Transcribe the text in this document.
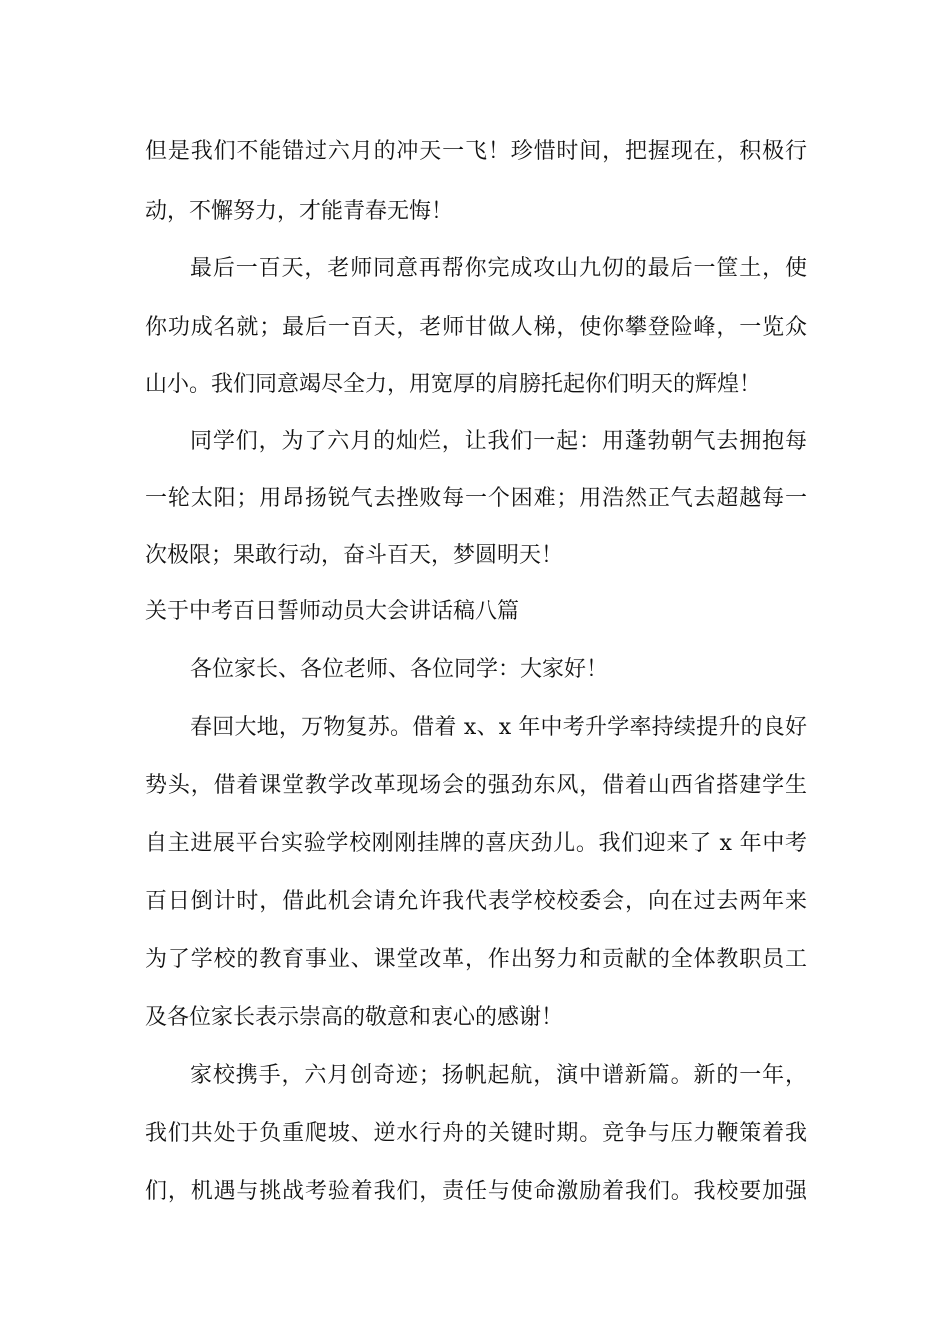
但是我们不能错过六月的冲天一飞！珍惜时间，把握现在，积极行
动，不懈努力，才能青春无悔！
最后一百天，老师同意再帮你完成攻山九仞的最后一筐土，使
你功成名就；最后一百天，老师甘做人梯，使你攀登险峰，一览众
山小。我们同意竭尽全力，用宽厚的肩膀托起你们明天的辉煌！
同学们，为了六月的灿烂，让我们一起：用蓬勃朝气去拥抱每
一轮太阳；用昂扬锐气去挫败每一个困难；用浩然正气去超越每一
次极限；果敢行动，奋斗百天，梦圆明天！
关于中考百日誓师动员大会讲话稿八篇
各位家长、各位老师、各位同学：大家好！
春回大地，万物复苏。借着 x、x 年中考升学率持续提升的良好
势头，借着课堂教学改革现场会的强劲东风，借着山西省搭建学生
自主进展平台实验学校刚刚挂牌的喜庆劲儿。我们迎来了 x 年中考
百日倒计时，借此机会请允许我代表学校校委会，向在过去两年来
为了学校的教育事业、课堂改革，作出努力和贡献的全体教职员工
及各位家长表示崇高的敬意和衷心的感谢！
家校携手，六月创奇迹；扬帆起航，演中谱新篇。新的一年，
我们共处于负重爬坡、逆水行舟的关键时期。竞争与压力鞭策着我
们，机遇与挑战考验着我们，责任与使命激励着我们。我校要加强
